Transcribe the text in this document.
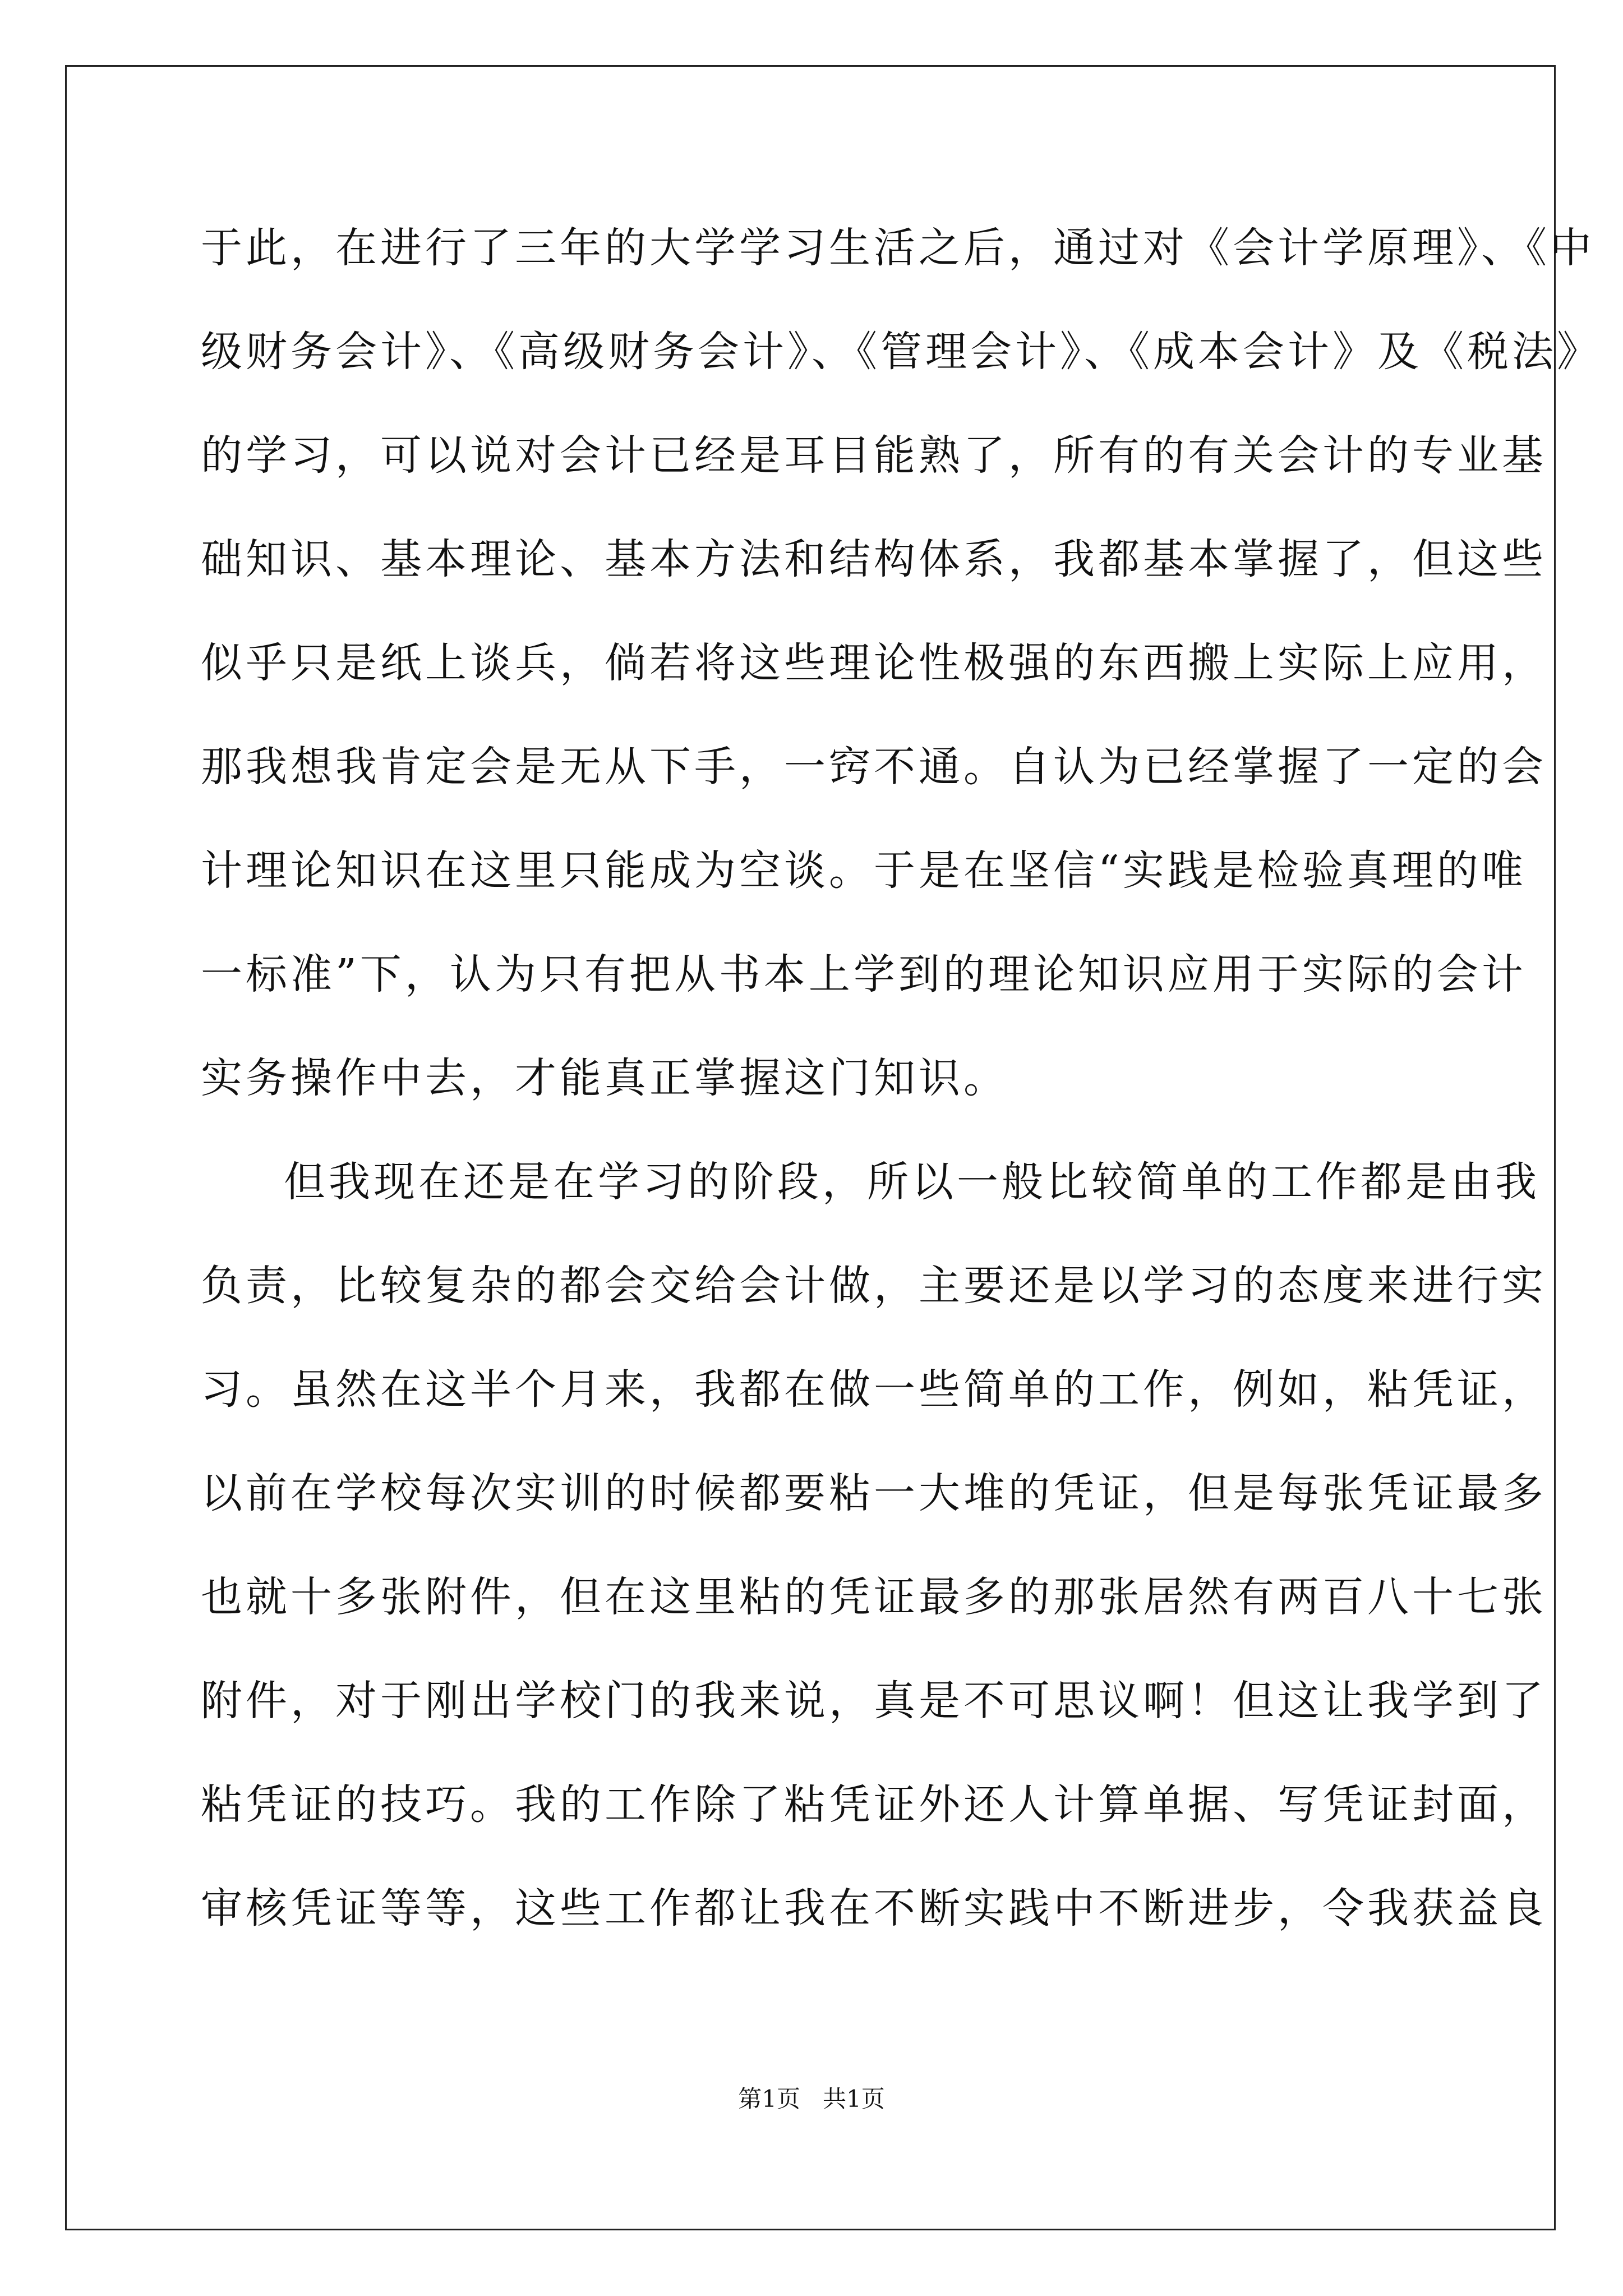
于此，在进行了三年的大学学习生活之后，通过对《会计学原理》、《中
级财务会计》、《高级财务会计》、《管理会计》、《成本会计》及《税法》
的学习，可以说对会计已经是耳目能熟了，所有的有关会计的专业基
础知识、基本理论、基本方法和结构体系，我都基本掌握了，但这些
似乎只是纸上谈兵，倘若将这些理论性极强的东西搬上实际上应用，
那我想我肯定会是无从下手，一窍不通。自认为已经掌握了一定的会
计理论知识在这里只能成为空谈。于是在坚信“实践是检验真理的唯
一标准”下，认为只有把从书本上学到的理论知识应用于实际的会计
实务操作中去，才能真正掌握这门知识。
但我现在还是在学习的阶段，所以一般比较简单的工作都是由我
负责，比较复杂的都会交给会计做，主要还是以学习的态度来进行实
习。虽然在这半个月来，我都在做一些简单的工作，例如，粘凭证，
以前在学校每次实训的时候都要粘一大堆的凭证，但是每张凭证最多
也就十多张附件，但在这里粘的凭证最多的那张居然有两百八十七张
附件，对于刚出学校门的我来说，真是不可思议啊！但这让我学到了
粘凭证的技巧。我的工作除了粘凭证外还人计算单据、写凭证封面，
审核凭证等等，这些工作都让我在不断实践中不断进步，令我获益良
第1页   共1页
